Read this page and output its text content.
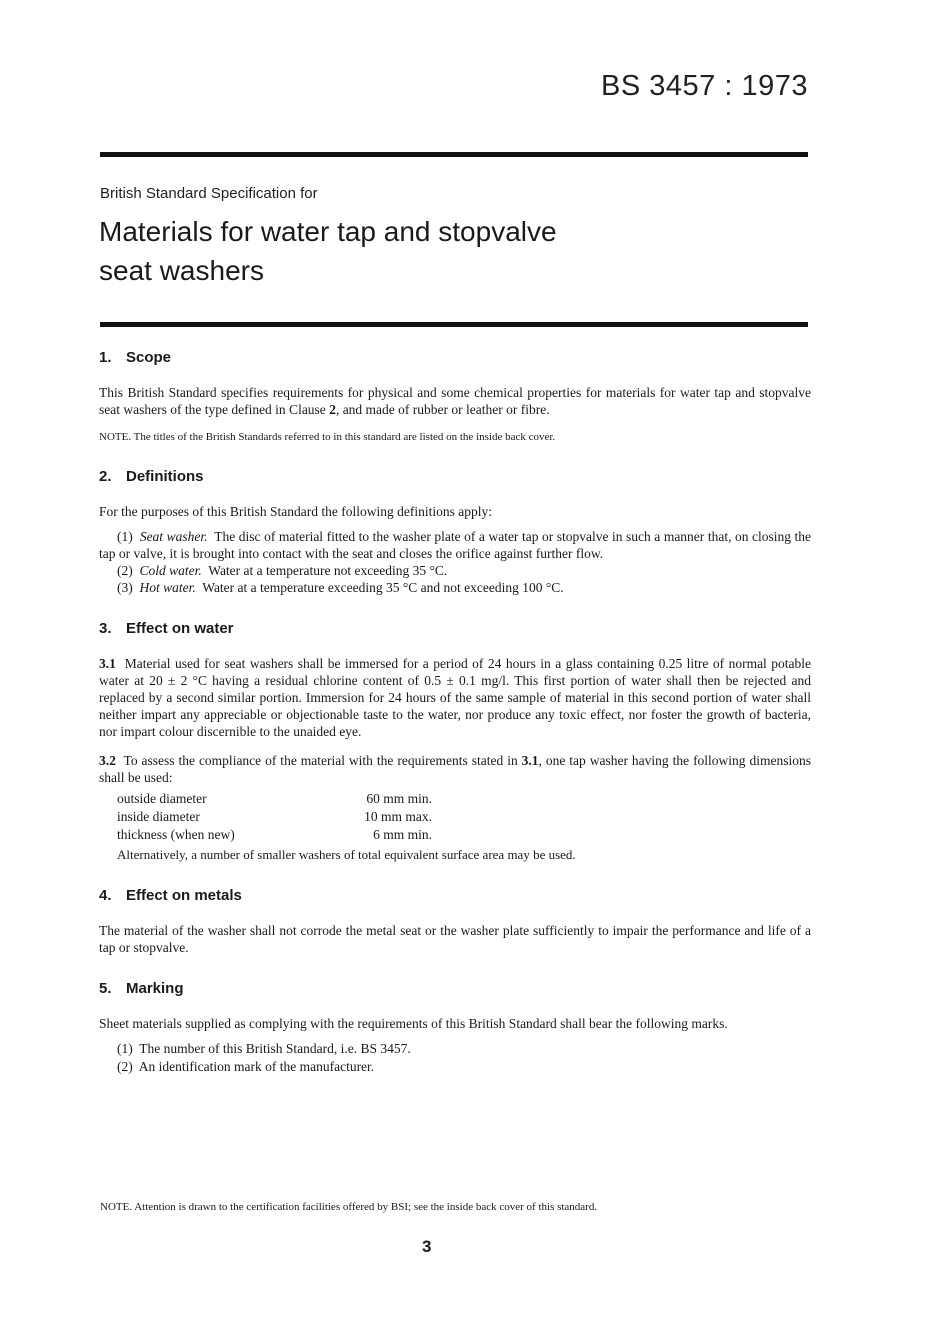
BS 3457 : 1973
British Standard Specification for
Materials for water tap and stopvalve
seat washers
1. Scope

This British Standard specifies requirements for physical and some chemical properties for materials for water tap and stopvalve seat washers of the type defined in Clause 2, and made of rubber or leather or fibre.

NOTE. The titles of the British Standards referred to in this standard are listed on the inside back cover.

2. Definitions

For the purposes of this British Standard the following definitions apply:

(1) Seat washer. The disc of material fitted to the washer plate of a water tap or stopvalve in such a manner that, on closing the tap or valve, it is brought into contact with the seat and closes the orifice against further flow.
(2) Cold water. Water at a temperature not exceeding 35 °C.
(3) Hot water. Water at a temperature exceeding 35 °C and not exceeding 100 °C.
3. Effect on water

3.1 Material used for seat washers shall be immersed for a period of 24 hours in a glass containing 0.25 litre of normal potable water at 20 ± 2 °C having a residual chlorine content of 0.5 ± 0.1 mg/l. This first portion of water shall then be rejected and replaced by a second similar portion. Immersion for 24 hours of the same sample of material in this second portion of water shall neither impart any appreciable or objectionable taste to the water, nor produce any toxic effect, nor foster the growth of bacteria, nor impart colour discernible to the unaided eye.

3.2 To assess the compliance of the material with the requirements stated in 3.1, one tap washer having the following dimensions shall be used:

outside diameter	60 mm min.
inside diameter	10 mm max.
thickness (when new)	6 mm min.
Alternatively, a number of smaller washers of total equivalent surface area may be used.
4. Effect on metals

The material of the washer shall not corrode the metal seat or the washer plate sufficiently to impair the performance and life of a tap or stopvalve.

5. Marking

Sheet materials supplied as complying with the requirements of this British Standard shall bear the following marks.

(1) The number of this British Standard, i.e. BS 3457.
(2) An identification mark of the manufacturer.
NOTE. Attention is drawn to the certification facilities offered by BSI; see the inside back cover of this standard.
3
